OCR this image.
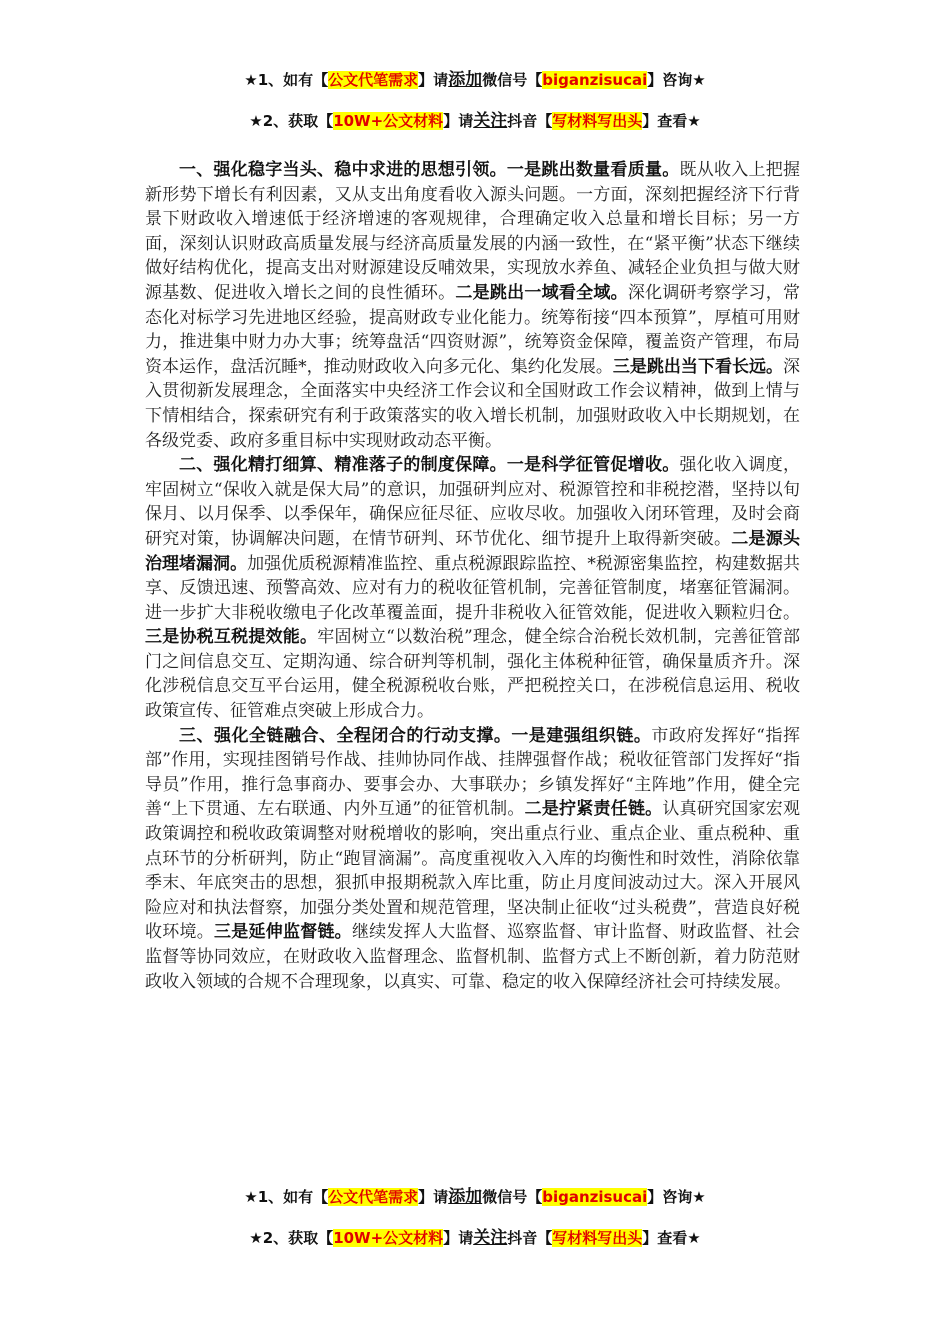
★1、如有【公文代笔需求】请添加微信号【biganzisucai】咨询★
★2、获取【10W+公文材料】请关注抖音【写材料写出头】查看★

一、强化稳字当头、稳中求进的思想引领。一是跳出数量看质量。既从收入上把握新形势下增长有利因素，又从支出角度看收入源头问题。一方面，深刻把握经济下行背景下财政收入增速低于经济增速的客观规律，合理确定收入总量和增长目标；另一方面，深刻认识财政高质量发展与经济高质量发展的内涵一致性，在“紧平衡”状态下继续做好结构优化，提高支出对财源建设反哺效果，实现放水养鱼、减轻企业负担与做大财源基数、促进收入增长之间的良性循环。二是跳出一域看全域。深化调研考察学习，常态化对标学习先进地区经验，提高财政专业化能力。统筹衔接“四本预算”，厚植可用财力，推进集中财力办大事；统筹盘活“四资财源”，统筹资金保障，覆盖资产管理，布局资本运作，盘活沉睡*，推动财政收入向多元化、集约化发展。三是跳出当下看长远。深入贯彻新发展理念，全面落实中央经济工作会议和全国财政工作会议精神，做到上情与下情相结合，探索研究有利于政策落实的收入增长机制，加强财政收入中长期规划，在各级党委、政府多重目标中实现财政动态平衡。

二、强化精打细算、精准落子的制度保障。一是科学征管促增收。强化收入调度，牢固树立“保收入就是保大局”的意识，加强研判应对、税源管控和非税挖潜，坚持以旬保月、以月保季、以季保年，确保应征尽征、应收尽收。加强收入闭环管理，及时会商研究对策，协调解决问题，在情节研判、环节优化、细节提升上取得新突破。二是源头治理堵漏洞。加强优质税源精准监控、重点税源跟踪监控、*税源密集监控，构建数据共享、反馈迅速、预警高效、应对有力的税收征管机制，完善征管制度，堵塞征管漏洞。进一步扩大非税收缴电子化改革覆盖面，提升非税收入征管效能，促进收入颗粒归仓。三是协税互税提效能。牢固树立“以数治税”理念，健全综合治税长效机制，完善征管部门之间信息交互、定期沟通、综合研判等机制，强化主体税种征管，确保量质齐升。深化涉税信息交互平台运用，健全税源税收台账，严把税控关口，在涉税信息运用、税收政策宣传、征管难点突破上形成合力。

三、强化全链融合、全程闭合的行动支撑。一是建强组织链。市政府发挥好“指挥部”作用，实现挂图销号作战、挂帅协同作战、挂牌强督作战；税收征管部门发挥好“指导员”作用，推行急事商办、要事会办、大事联办；乡镇发挥好“主阵地”作用，健全完善“上下贯通、左右联通、内外互通”的征管机制。二是拧紧责任链。认真研究国家宏观政策调控和税收政策调整对财税增收的影响，突出重点行业、重点企业、重点税种、重点环节的分析研判，防止“跑冒滴漏”。高度重视收入入库的均衡性和时效性，消除依靠季末、年底突击的思想，狠抓申报期税款入库比重，防止月度间波动过大。深入开展风险应对和执法督察，加强分类处置和规范管理，坚决制止征收“过头税费”，营造良好税收环境。三是延伸监督链。继续发挥人大监督、巡察监督、审计监督、财政监督、社会监督等协同效应，在财政收入监督理念、监督机制、监督方式上不断创新，着力防范财政收入领域的合规不合理现象，以真实、可靠、稳定的收入保障经济社会可持续发展。

★1、如有【公文代笔需求】请添加微信号【biganzisucai】咨询★
★2、获取【10W+公文材料】请关注抖音【写材料写出头】查看★
